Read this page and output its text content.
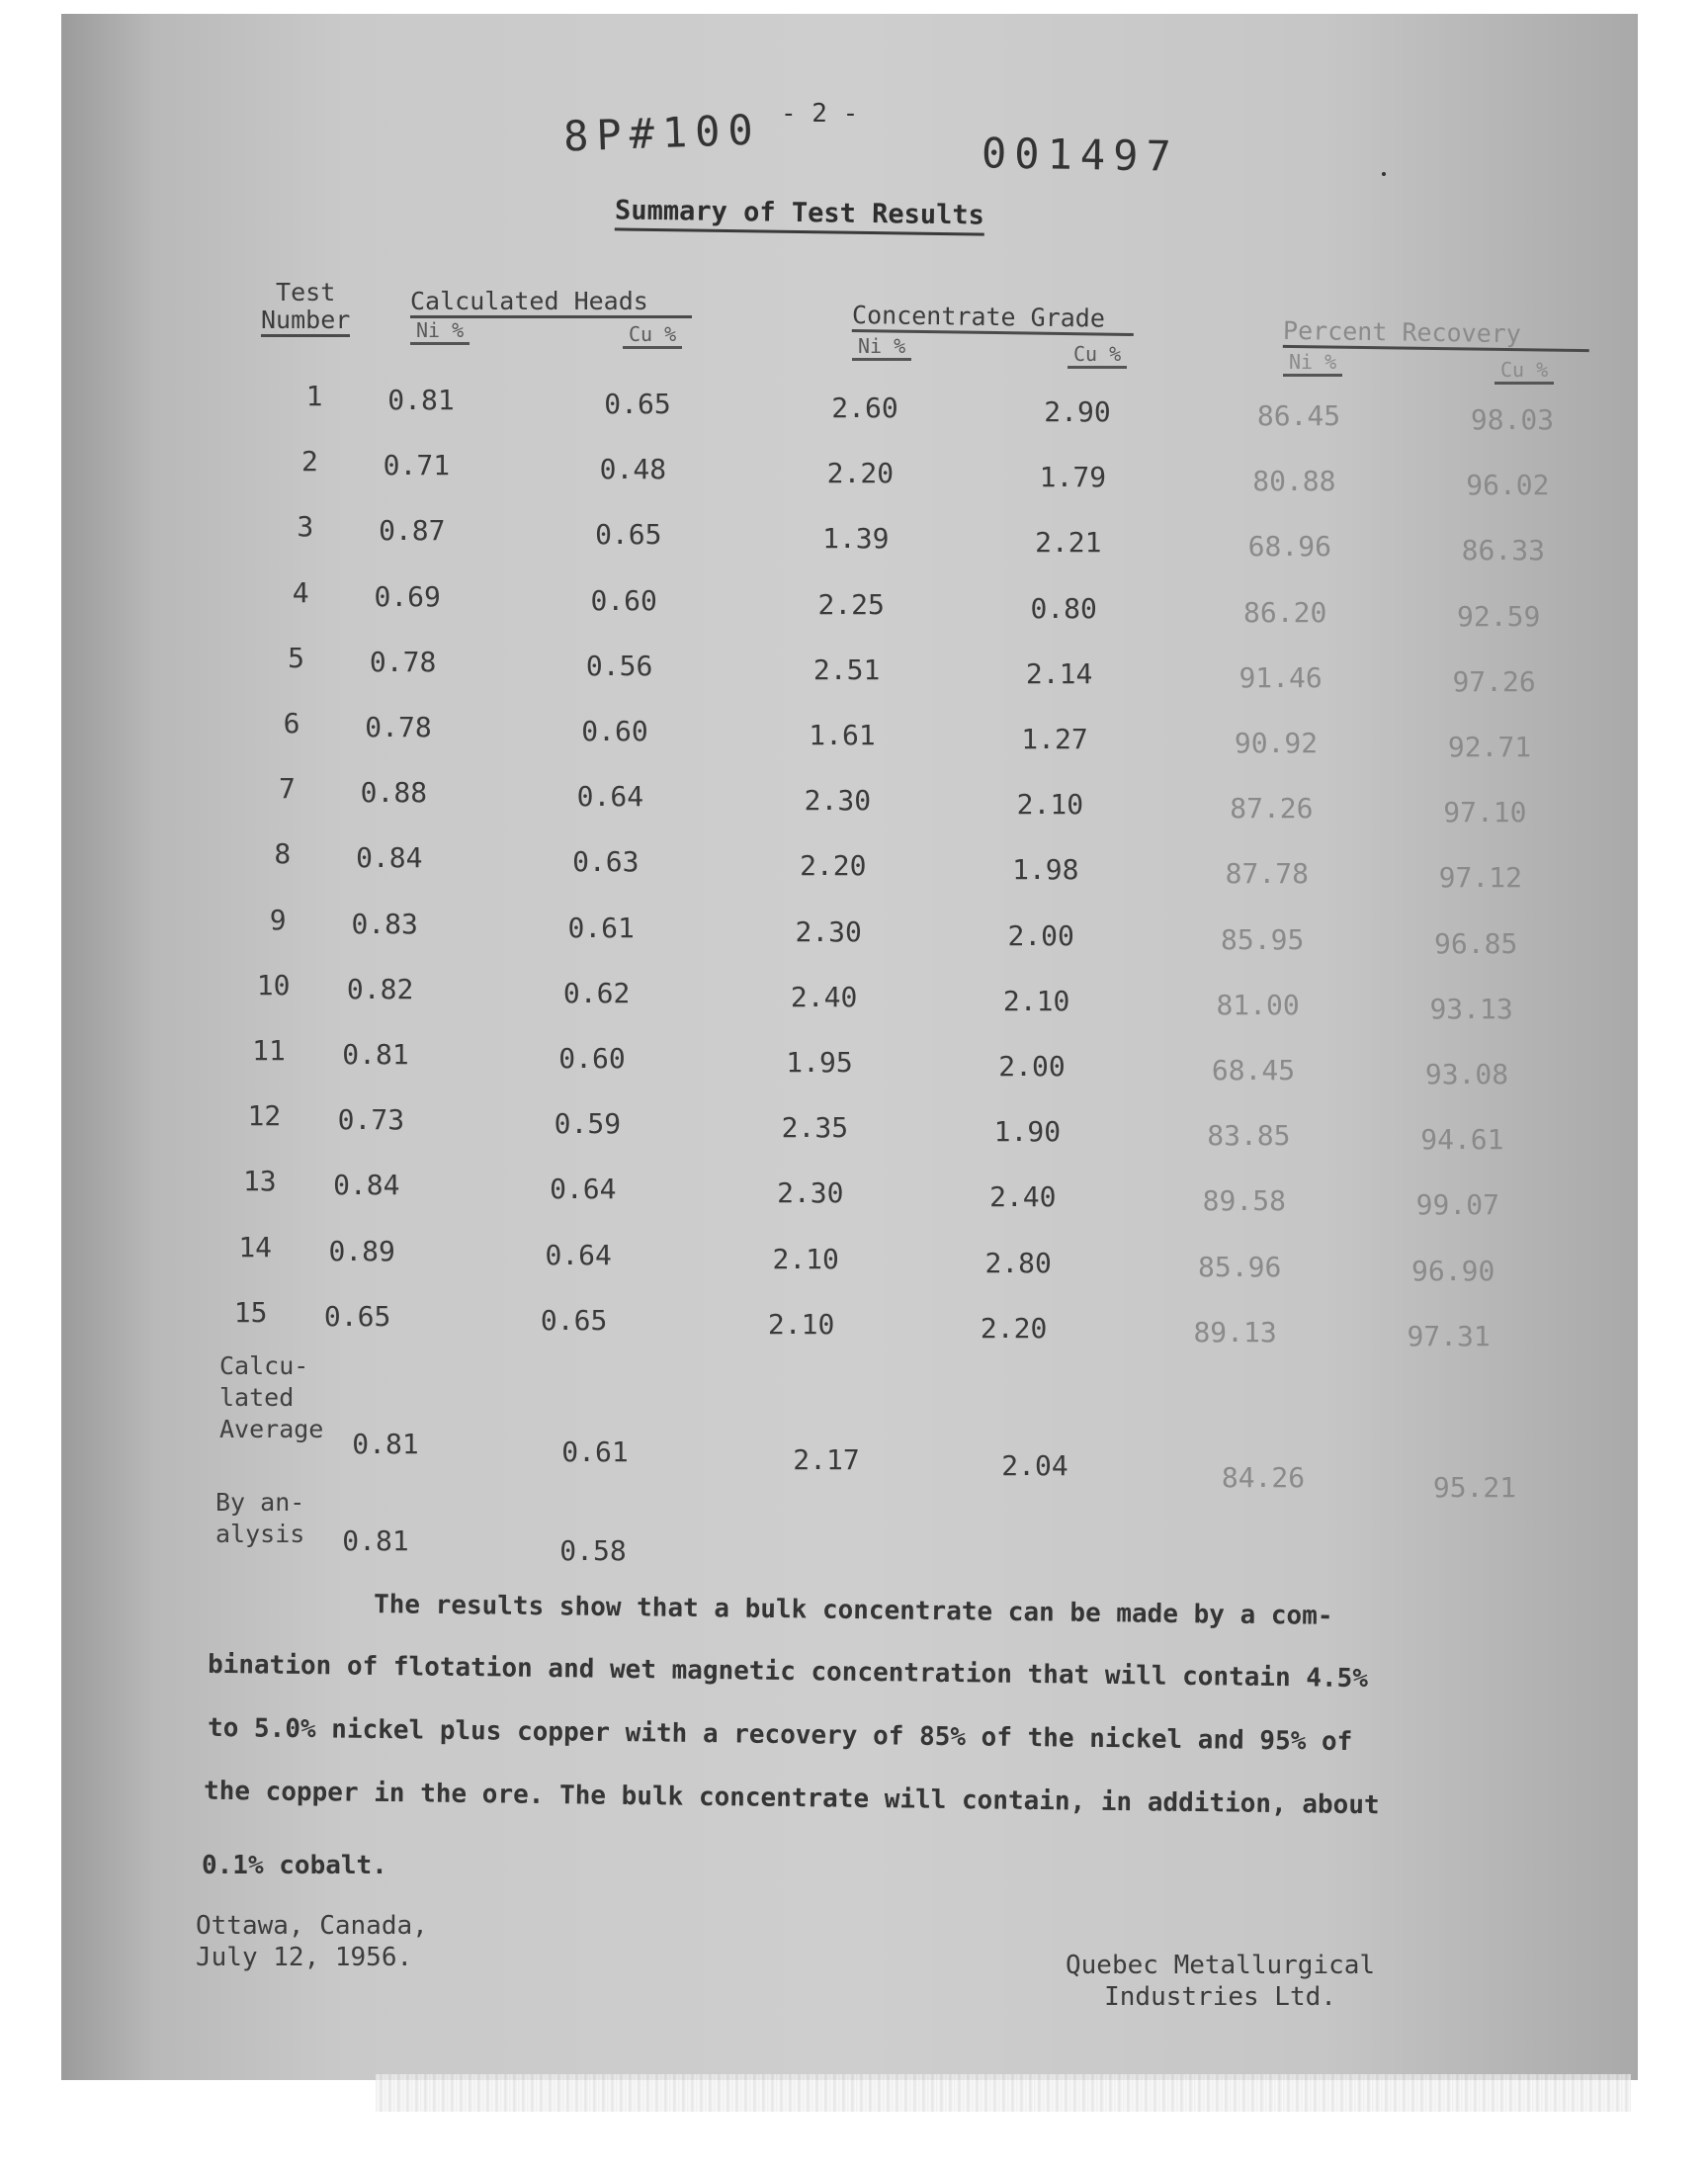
8P#100 - 2 -
001497
Summary of Test Results
Test
Number
Calculated Heads
Ni %	Cu %
Concentrate Grade
Ni %	Cu %
Percent Recovery
Ni %	Cu %
1	0.81	0.65	2.60	2.90	86.45	98.03
2	0.71	0.48	2.20	1.79	80.88	96.02
3	0.87	0.65	1.39	2.21	68.96	86.33
4	0.69	0.60	2.25	0.80	86.20	92.59
5	0.78	0.56	2.51	2.14	91.46	97.26
6	0.78	0.60	1.61	1.27	90.92	92.71
7	0.88	0.64	2.30	2.10	87.26	97.10
8	0.84	0.63	2.20	1.98	87.78	97.12
9	0.83	0.61	2.30	2.00	85.95	96.85
10	0.82	0.62	2.40	2.10	81.00	93.13
11	0.81	0.60	1.95	2.00	68.45	93.08
12	0.73	0.59	2.35	1.90	83.85	94.61
13	0.84	0.64	2.30	2.40	89.58	99.07
14	0.89	0.64	2.10	2.80	85.96	96.90
15	0.65	0.65	2.10	2.20	89.13	97.31
Calcu-
lated
Average	0.81	0.61	2.17	2.04	84.26	95.21
By an-
alysis	0.81	0.58
The results show that a bulk concentrate can be made by a com-
bination of flotation and wet magnetic concentration that will contain 4.5%
to 5.0% nickel plus copper with a recovery of 85% of the nickel and 95% of
the copper in the ore. The bulk concentrate will contain, in addition, about
0.1% cobalt.
Ottawa, Canada,
July 12, 1956.	Quebec Metallurgical
Industries Ltd.
